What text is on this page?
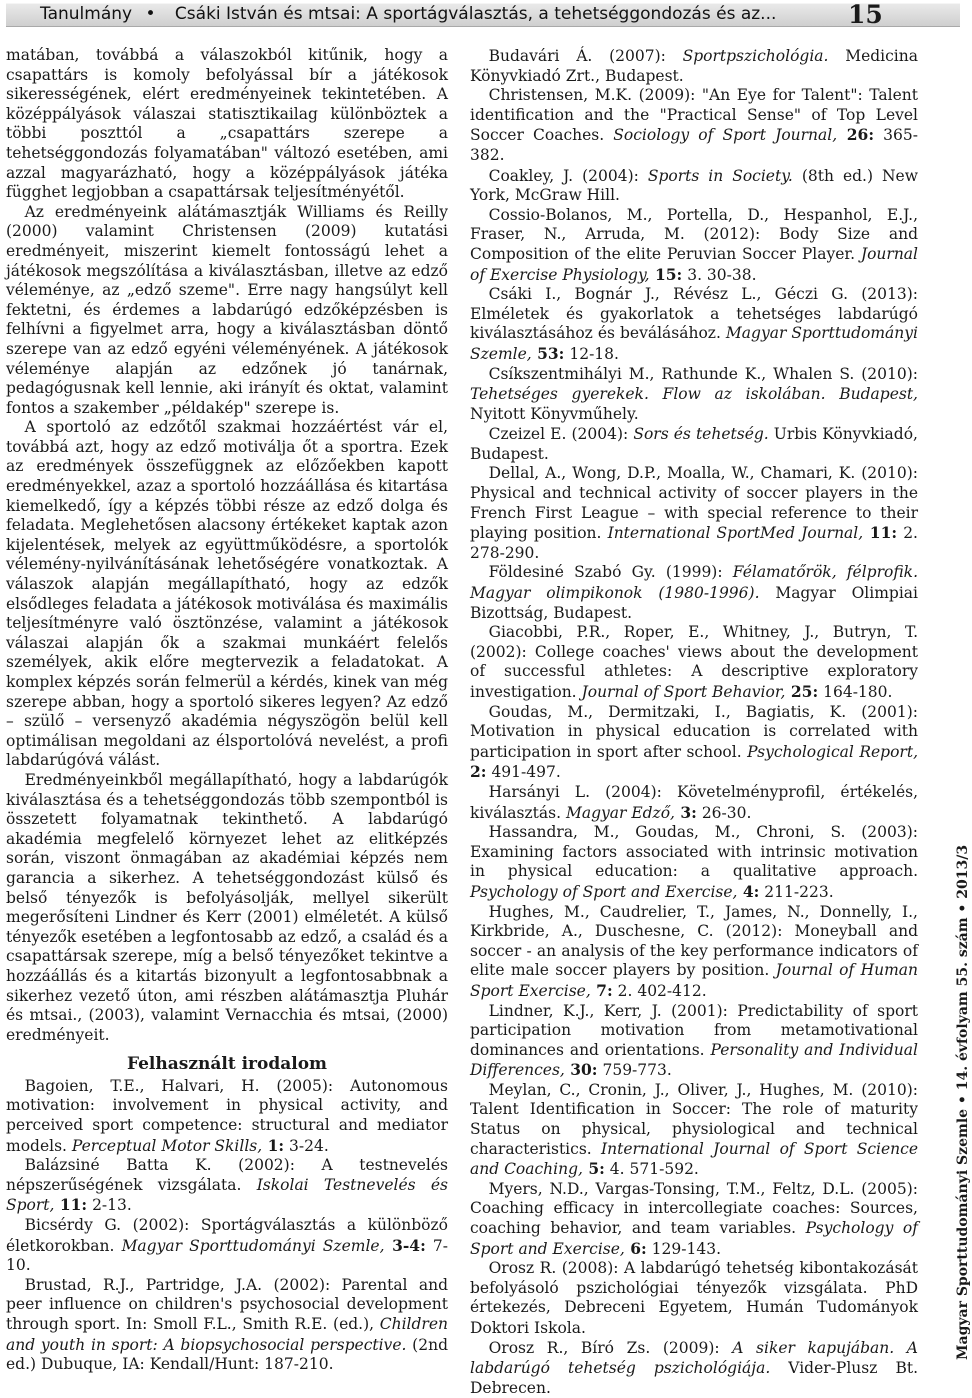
Tanulmány • Csáki István és mtsai: A sportágválasztás, a tehetséggondozás és az...	15

matában, továbbá a válaszokból kitűnik, hogy a csapattárs is komoly befolyással bír a játékosok sikerességének, elért eredményeinek tekintetében. A középpályások válaszai statisztikailag különböztek a többi poszttól a „csapattárs szerepe a tehetséggondozás folyamatában" változó esetében, ami azzal magyarázható, hogy a középpályások játéka függhet legjobban a csapattársak teljesítményétől.

Az eredményeink alátámasztják Williams és Reilly (2000) valamint Christensen (2009) kutatási eredményeit, miszerint kiemelt fontosságú lehet a játékosok megszólítása a kiválasztásban, illetve az edző véleménye, az „edző szeme". Erre nagy hangsúlyt kell fektetni, és érdemes a labdarúgó edzőképzésben is felhívni a figyelmet arra, hogy a kiválasztásban döntő szerepe van az edző egyéni véleményének. A játékosok véleménye alapján az edzőnek jó tanárnak, pedagógusnak kell lennie, aki irányít és oktat, valamint fontos a szakember „példakép" szerepe is.

A sportoló az edzőtől szakmai hozzáértést vár el, továbbá azt, hogy az edző motiválja őt a sportra. Ezek az eredmények összefüggnek az előzőekben kapott eredményekkel, azaz a sportoló hozzáállása és kitartása kiemelkedő, így a képzés többi része az edző dolga és feladata. Meglehetősen alacsony értékeket kaptak azon kijelentések, melyek az együttműködésre, a sportolók vélemény-nyilvánításának lehetőségére vonatkoztak. A válaszok alapján megállapítható, hogy az edzők elsődleges feladata a játékosok motiválása és maximális teljesítményre való ösztönzése, valamint a játékosok válaszai alapján ők a szakmai munkáért felelős személyek, akik előre megtervezik a feladatokat. A komplex képzés során felmerül a kérdés, kinek van még szerepe abban, hogy a sportoló sikeres legyen? Az edző – szülő – versenyző akadémia négyszögön belül kell optimálisan megoldani az élsportolóvá nevelést, a profi labdarúgóvá válást.

Eredményeinkből megállapítható, hogy a labdarúgók kiválasztása és a tehetséggondozás több szempontból is összetett folyamatnak tekinthető. A labdarúgó akadémia megfelelő környezet lehet az elitképzés során, viszont önmagában az akadémiai képzés nem garancia a sikerhez. A tehetséggondozást külső és belső tényezők is befolyásolják, mellyel sikerült megerősíteni Lindner és Kerr (2001) elméletét. A külső tényezők esetében a legfontosabb az edző, a család és a csapattársak szerepe, míg a belső tényezőket tekintve a hozzáállás és a kitartás bizonyult a legfontosabbnak a sikerhez vezető úton, ami részben alátámasztja Pluhár és mtsai., (2003), valamint Vernacchia és mtsai, (2000) eredményeit.

Felhasznált irodalom

Bagoien, T.E., Halvari, H. (2005): Autonomous motivation: involvement in physical activity, and perceived sport competence: structural and mediator models. Perceptual Motor Skills, 1: 3-24.

Balázsiné Batta K. (2002): A testnevelés népszerűségének vizsgálata. Iskolai Testnevelés és Sport, 11: 2-13.

Bicsérdy G. (2002): Sportágválasztás a különböző életkorokban. Magyar Sporttudományi Szemle, 3-4: 7-10.

Brustad, R.J., Partridge, J.A. (2002): Parental and peer influence on children's psychosocial development through sport. In: Smoll F.L., Smith R.E. (ed.), Children and youth in sport: A biopsychosocial perspective. (2nd ed.) Dubuque, IA: Kendall/Hunt: 187-210.

Budavári Á. (2007): Sportpszichológia. Medicina Könyvkiadó Zrt., Budapest.

Christensen, M.K. (2009): "An Eye for Talent": Talent identification and the "Practical Sense" of Top Level Soccer Coaches. Sociology of Sport Journal, 26: 365-382.

Coakley, J. (2004): Sports in Society. (8th ed.) New York, McGraw Hill.

Cossio-Bolanos, M., Portella, D., Hespanhol, E.J., Fraser, N., Arruda, M. (2012): Body Size and Composition of the elite Peruvian Soccer Player. Journal of Exercise Physiology, 15: 3. 30-38.

Csáki I., Bognár J., Révész L., Géczi G. (2013): Elméletek és gyakorlatok a tehetséges labdarúgó kiválasztásához és beválásához. Magyar Sporttudományi Szemle, 53: 12-18.

Csíkszentmihályi M., Rathunde K., Whalen S. (2010): Tehetséges gyerekek. Flow az iskolában. Budapest, Nyitott Könyvműhely.

Czeizel E. (2004): Sors és tehetség. Urbis Könyvkiadó, Budapest.

Dellal, A., Wong, D.P., Moalla, W., Chamari, K. (2010): Physical and technical activity of soccer players in the French First League – with special reference to their playing position. International SportMed Journal, 11: 2. 278-290.

Földesiné Szabó Gy. (1999): Félamatőrök, félprofik. Magyar olimpikonok (1980-1996). Magyar Olimpiai Bizottság, Budapest.

Giacobbi, P.R., Roper, E., Whitney, J., Butryn, T. (2002): College coaches' views about the development of successful athletes: A descriptive exploratory investigation. Journal of Sport Behavior, 25: 164-180.

Goudas, M., Dermitzaki, I., Bagiatis, K. (2001): Motivation in physical education is correlated with participation in sport after school. Psychological Report, 2: 491-497.

Harsányi L. (2004): Követelményprofil, értékelés, kiválasztás. Magyar Edző, 3: 26-30.

Hassandra, M., Goudas, M., Chroni, S. (2003): Examining factors associated with intrinsic motivation in physical education: a qualitative approach. Psychology of Sport and Exercise, 4: 211-223.

Hughes, M., Caudrelier, T., James, N., Donnelly, I., Kirkbride, A., Duschesne, C. (2012): Moneyball and soccer - an analysis of the key performance indicators of elite male soccer players by position. Journal of Human Sport Exercise, 7: 2. 402-412.

Lindner, K.J., Kerr, J. (2001): Predictability of sport participation motivation from metamotivational dominances and orientations. Personality and Individual Differences, 30: 759-773.

Meylan, C., Cronin, J., Oliver, J., Hughes, M. (2010): Talent Identification in Soccer: The role of maturity Status on physical, physiological and technical characteristics. International Journal of Sport Science and Coaching, 5: 4. 571-592.

Myers, N.D., Vargas-Tonsing, T.M., Feltz, D.L. (2005): Coaching efficacy in intercollegiate coaches: Sources, coaching behavior, and team variables. Psychology of Sport and Exercise, 6: 129-143.

Orosz R. (2008): A labdarúgó tehetség kibontakozását befolyásoló pszichológiai tényezők vizsgálata. PhD értekezés, Debreceni Egyetem, Humán Tudományok Doktori Iskola.

Orosz R., Bíró Zs. (2009): A siker kapujában. A labdarúgó tehetség pszichológiája. Vider-Plusz Bt. Debrecen.

Magyar Sporttudományi Szemle • 14. évfolyam 55. szám • 2013/3
